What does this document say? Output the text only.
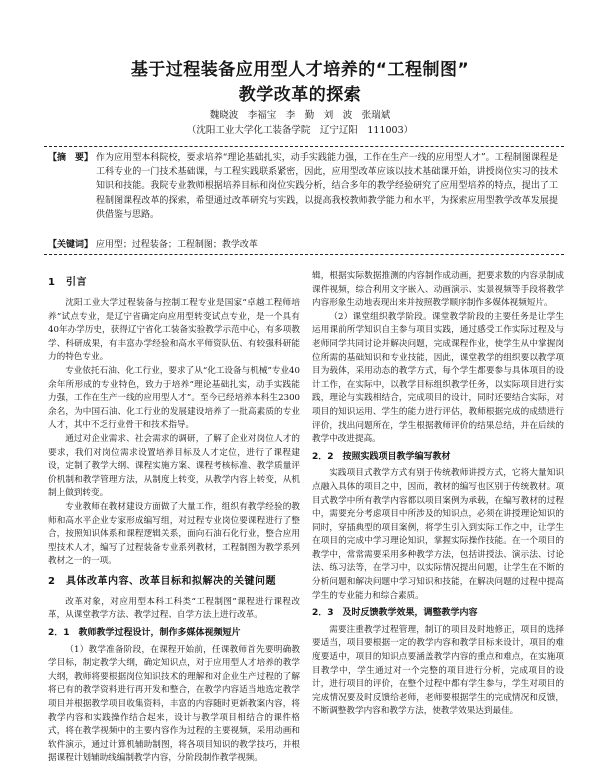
基于过程装备应用型人才培养的“工程制图”
教学改革的探索
魏晓波　李福宝　李　勤　刘　波　张瑞斌
（沈阳工业大学化工装备学院　辽宁辽阳　111003）
【摘　要】 作为应用型本科院校，要求培养“理论基础扎实，动手实践能力强，工作在生产一线的应用型人才”。工程制图课程是工科专业的一门技术基础课，与工程实践联系紧密，因此，应用型改革应该以技术基础课开始，讲授岗位实习的技术知识和技能。我院专业教师根据培养目标和岗位实践分析，结合多年的教学经验研究了应用型培养的特点，提出了工程制图课程改革的探索，希望通过改革研究与实践，以提高我校教师教学能力和水平，为探索应用型教学改革发展提供借鉴与思路。
【关键词】 应用型；过程装备；工程制图；教学改革
1　引言

沈阳工业大学过程装备与控制工程专业是国家“卓越工程师培养”试点专业，是辽宁省确定向应用型转变试点专业，是一个具有40年办学历史，获得辽宁省化工装备实验教学示范中心，有多项教学、科研成果，有丰富办学经验和高水平师资队伍、有较强科研能力的特色专业。

专业依托石油、化工行业，要求了从“化工设备与机械”专业40余年所形成的专业特色，致力于培养“理论基础扎实，动手实践能力强，工作在生产一线的应用型人才”。至今已经培养本科生2300余名，为中国石油、化工行业的发展建设培养了一批高素质的专业人才，其中不乏行业骨干和技术指导。

通过对企业需求、社会需求的调研，了解了企业对岗位人才的要求，我们对岗位需求设置培养目标及人才定位，进行了课程建设，定制了教学大纲、课程实施方案、课程考核标准、教学质量评价机制和教学管理方法，从制度上转变，从教学内容上转变，从机制上做到转变。

专业教师在教材建设方面做了大量工作，组织有教学经验的教师和高水平企业专家形成编写组，对过程专业岗位要课程进行了整合，按照知识体系和课程逻辑关系，面向石油石化行业，整合应用型技术人才，编写了过程装备专业系列教材，工程制图为教学系列教材之一的一项。

2　具体改革内容、改革目标和拟解决的关键问题

改革对象，对应用型本科工科类“工程制图”课程进行课程改革，从课堂教学方法、教学过程、自学方法上进行改革。

2．1　教师教学过程设计，制作多媒体视频短片

（1）教学准备阶段，在课程开始前，任课教师首先要明确教学目标，制定教学大纲，确定知识点，对于应用型人才培养的教学大纲，教师将要根据岗位知识技术的理解和对企业生产过程的了解将已有的教学资料进行再开发和整合，在教学内容适当地选定教学项目并根据教学项目收集资料，丰富的内容随时更新教案内容，将教学内容和实践操作结合起来，设计与教学项目相结合的课件格式，将在教学视频中的主要内容作为过程的主要视频，采用动画和软件演示，通过计算机辅助制图，将各项目知识的教学技巧，并根据课程计划辅助线编制教学内容，分阶段制作教学视频。

辑，根据实际数据推测的内容制作成动画，把要求数的内容录制成课件视频，综合利用文字嵌入、动画演示、实景视频等手段将教学内容形象生动地表现出来并按照教学顺序制作多媒体视频短片。

（2）课堂组织教学阶段。课堂教学阶段的主要任务是让学生运用课前所学知识自主参与项目实践，通过感受工作实际过程及与老师同学共同讨论并解决问题，完成课程作业，使学生从中掌握岗位所需的基础知识和专业技能，因此，课堂教学的组织要以教学项目为载体，采用动态的教学方式，每个学生都要参与具体项目的设计工作，在实际中，以教学目标组织教学任务，以实际项目进行实践，理论与实践相结合，完成项目的设计，同时还要结合实际，对项目的知识运用、学生的能力进行评估，教师根据完成的成绩进行评价，找出问题所在，学生根据教师评价的结果总结，并在后续的教学中改进提高。

2．2　按照实践项目教学编写教材

实践项目式教学方式有别于传统教师讲授方式，它将大量知识点融入具体的项目之中，因而，教材的编写也区别于传统教材。项目式教学中所有教学内容都以项目案例为承载，在编写教材的过程中，需要充分考虑项目中所涉及的知识点，必须在讲授理论知识的同时，穿插典型的项目案例，将学生引入到实际工作之中，让学生在项目的完成中学习理论知识，掌握实际操作技能。在一个项目的教学中，常常需要采用多种教学方法，包括讲授法、演示法、讨论法、练习法等，在学习中，以实际情况提出问题，让学生在不断的分析问题和解决问题中学习知识和技能，在解决问题的过程中提高学生的专业能力和综合素质。

2．3　及时反馈教学效果，调整教学内容

需要注重教学过程管理，制订的项目及时地修正，项目的选择要适当，项目要根据一定的教学内容和教学目标来设计，项目的难度要适中，项目的知识点要涵盖教学内容的重点和难点，在实施项目教学中，学生通过对一个完整的项目进行分析，完成项目的设计，进行项目的评价，在整个过程中都有学生参与，学生对项目的完成情况要及时反馈给老师，老师要根据学生的完成情况和反馈，不断调整教学内容和教学方法，使教学效果达到最佳。
